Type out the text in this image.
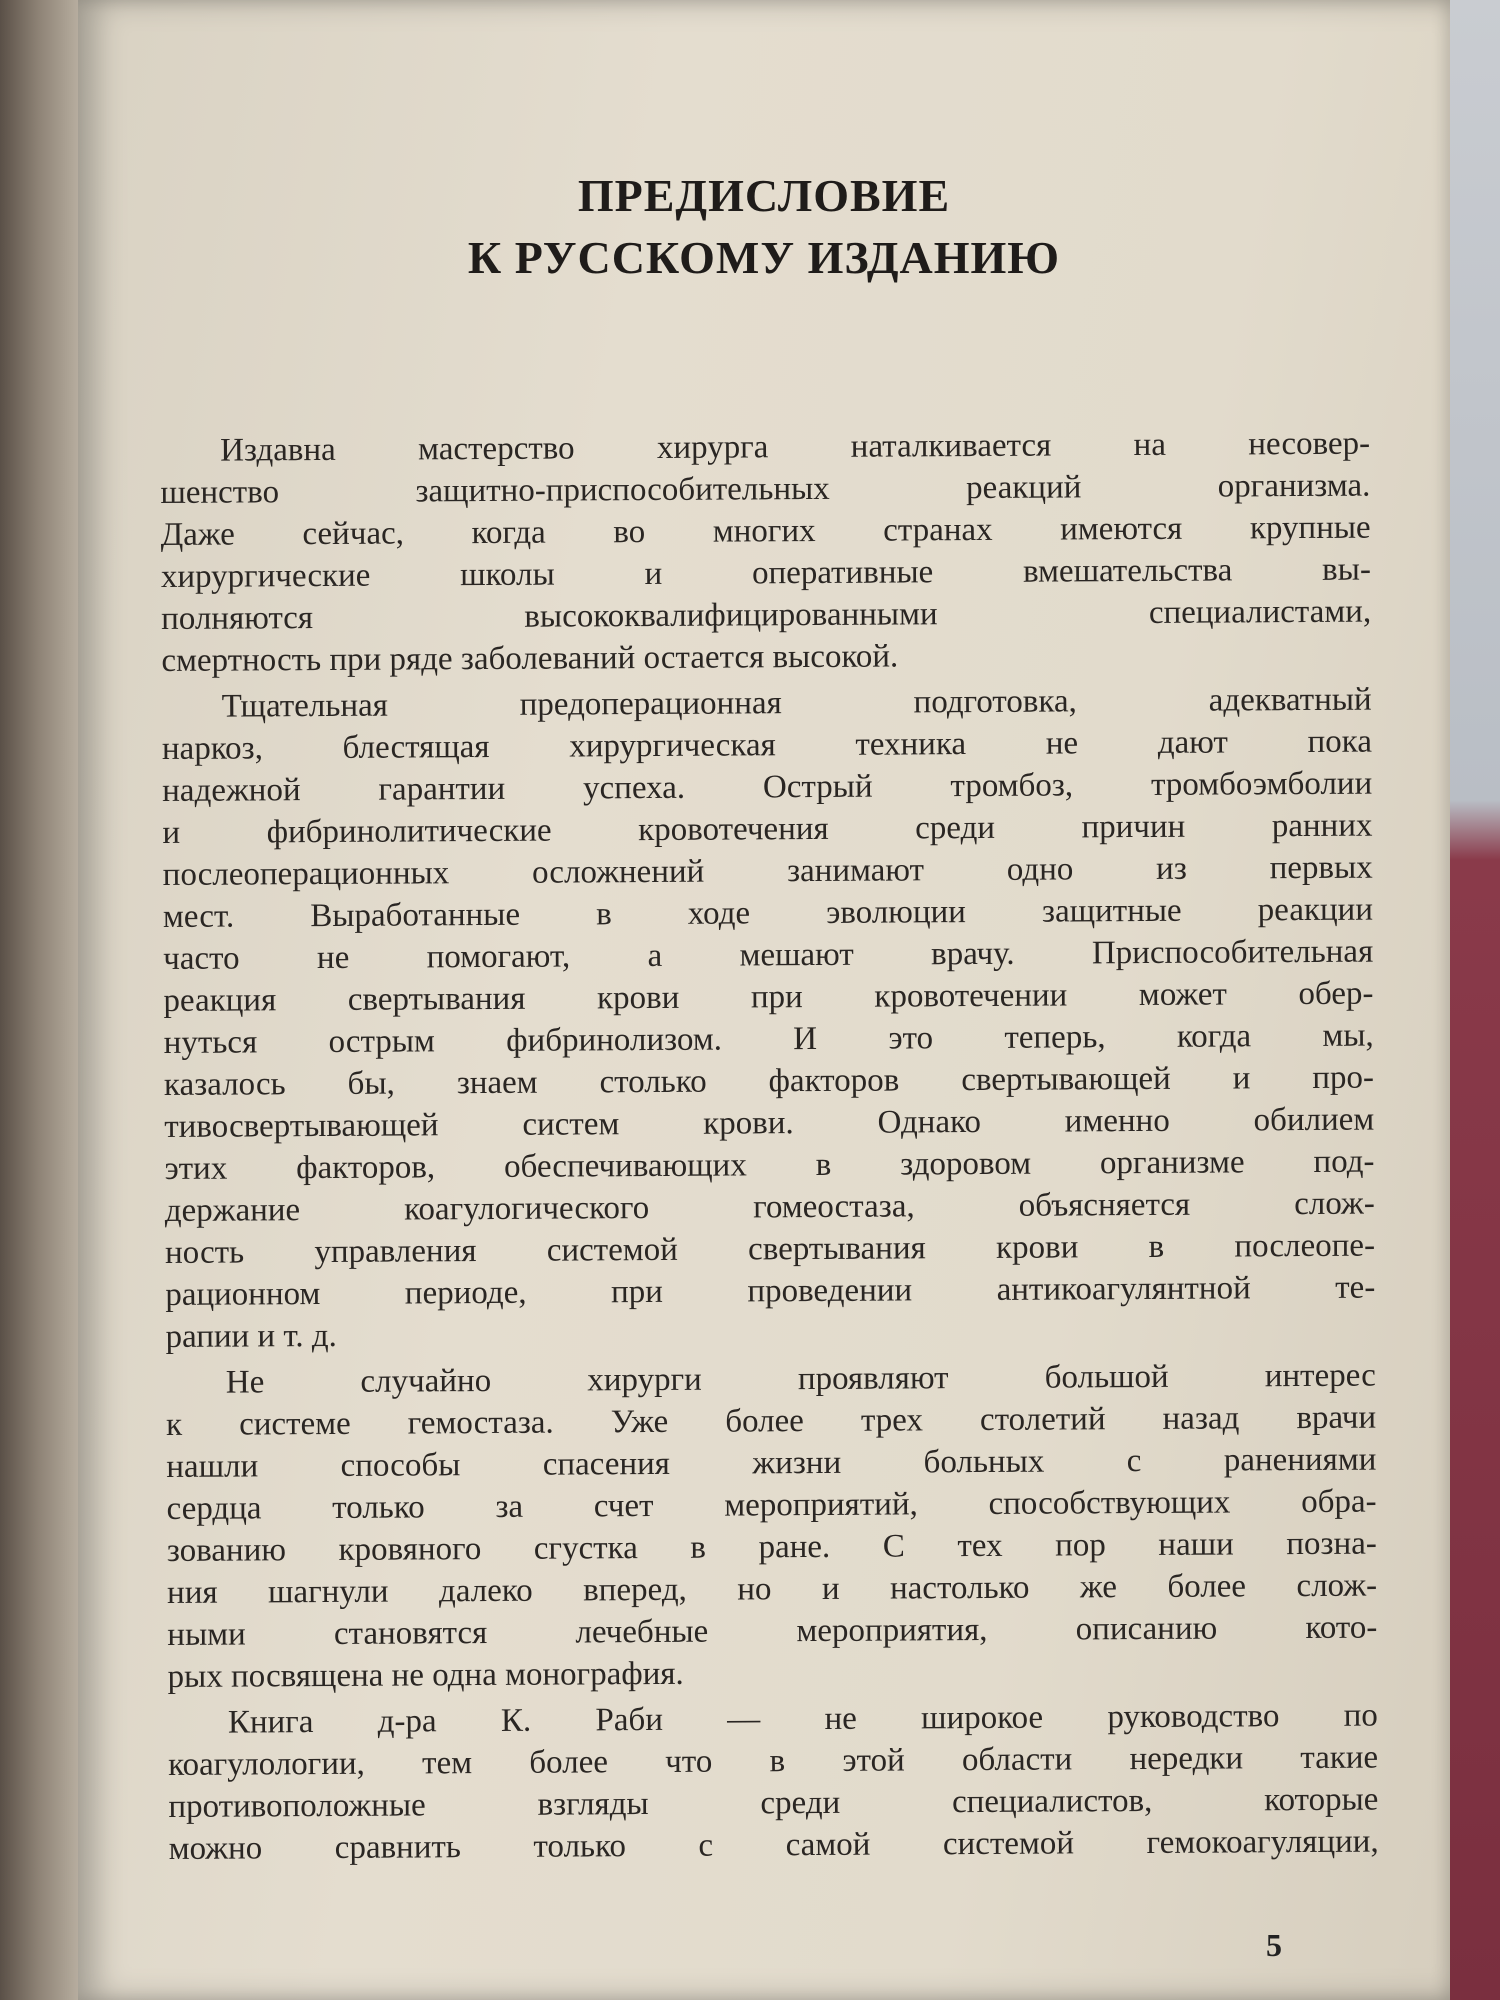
ПРЕДИСЛОВИЕ
К РУССКОМУ ИЗДАНИЮ
Издавна мастерство хирурга наталкивается на несовер-
шенство защитно-приспособительных реакций организма.
Даже сейчас, когда во многих странах имеются крупные
хирургические школы и оперативные вмешательства вы-
полняются высококвалифицированными специалистами,
смертность при ряде заболеваний остается высокой.
Тщательная предоперационная подготовка, адекватный
наркоз, блестящая хирургическая техника не дают пока
надежной гарантии успеха. Острый тромбоз, тромбоэмболии
и фибринолитические кровотечения среди причин ранних
послеоперационных осложнений занимают одно из первых
мест. Выработанные в ходе эволюции защитные реакции
часто не помогают, а мешают врачу. Приспособительная
реакция свертывания крови при кровотечении может обер-
нуться острым фибринолизом. И это теперь, когда мы,
казалось бы, знаем столько факторов свертывающей и про-
тивосвертывающей систем крови. Однако именно обилием
этих факторов, обеспечивающих в здоровом организме под-
держание коагулогического гомеостаза, объясняется слож-
ность управления системой свертывания крови в послеопе-
рационном периоде, при проведении антикоагулянтной те-
рапии и т. д.
Не случайно хирурги проявляют большой интерес
к системе гемостаза. Уже более трех столетий назад врачи
нашли способы спасения жизни больных с ранениями
сердца только за счет мероприятий, способствующих обра-
зованию кровяного сгустка в ране. С тех пор наши позна-
ния шагнули далеко вперед, но и настолько же более слож-
ными становятся лечебные мероприятия, описанию кото-
рых посвящена не одна монография.
Книга д-ра К. Раби — не широкое руководство по
коагулологии, тем более что в этой области нередки такие
противоположные взгляды среди специалистов, которые
можно сравнить только с самой системой гемокоагуляции,
5
